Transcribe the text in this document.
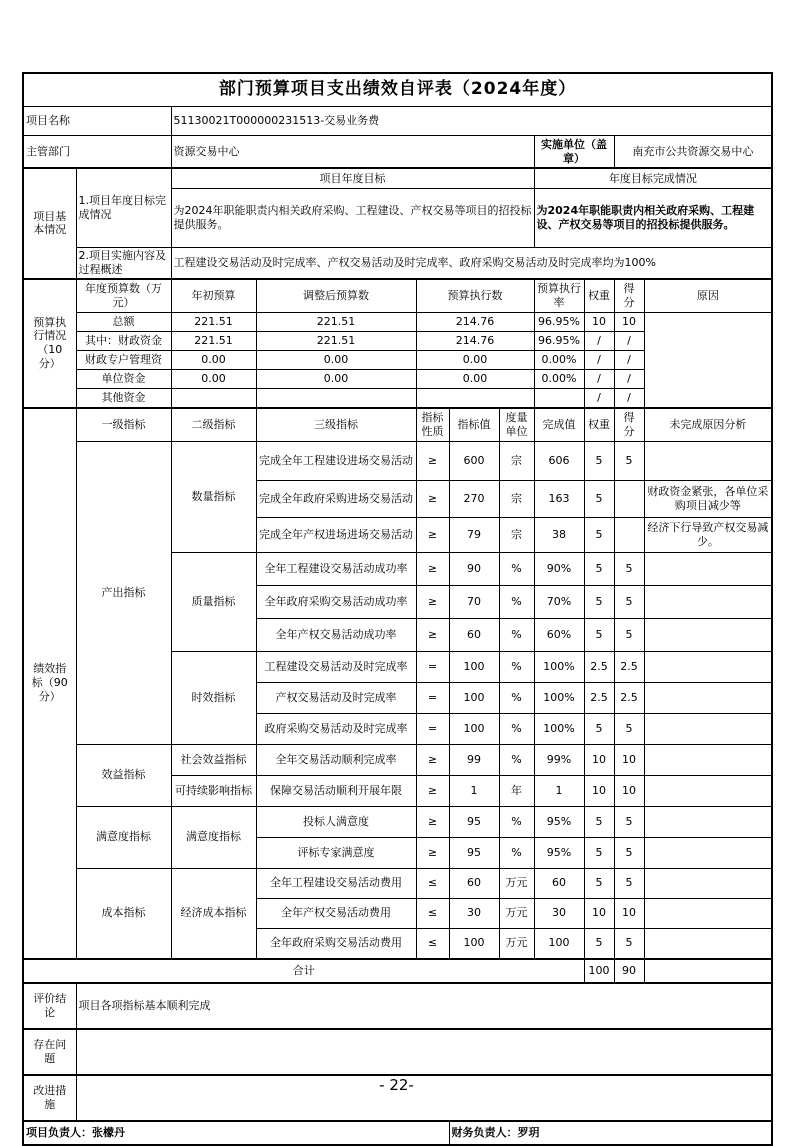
部门预算项目支出绩效自评表（2024年度）										
项目名称		51130021T000000231513-交易业务费								
主管部门		资源交易中心					实施单位（盖章）		南充市公共资源交易中心	
项目基本情况	1.项目年度目标完成情况	项目年度目标					年度目标完成情况			
		为2024年职能职责内相关政府采购、工程建设、产权交易等项目的招投标提供服务。					为2024年职能职责内相关政府采购、工程建设、产权交易等项目的招投标提供服务。			
	2.项目实施内容及过程概述	工程建设交易活动及时完成率、产权交易活动及时完成率、政府采购交易活动及时完成率均为100%								
预算执行情况（10分）	年度预算数（万元）	年初预算	调整后预算数	预算执行数			预算执行率	权重	得分	原因
	总额	221.51	221.51	214.76			96.95%	10	10	
	其中：财政资金	221.51	221.51	214.76			96.95%	/	/	
	财政专户管理资	0.00	0.00	0.00			0.00%	/	/	
	单位资金	0.00	0.00	0.00			0.00%	/	/	
	其他资金							/	/	
绩效指标（90分）	一级指标	二级指标	三级指标	指标性质	指标值	度量单位	完成值	权重	得分	未完成原因分析
	产出指标	数量指标	完成全年工程建设进场交易活动	≥	600	宗	606	5	5	
			完成全年政府采购进场交易活动	≥	270	宗	163	5		财政资金紧张，各单位采购项目减少等
			完成全年产权进场进场交易活动	≥	79	宗	38	5		经济下行导致产权交易减少。
		质量指标	全年工程建设交易活动成功率	≥	90	%	90%	5	5	
			全年政府采购交易活动成功率	≥	70	%	70%	5	5	
			全年产权交易活动成功率	≥	60	%	60%	5	5	
		时效指标	工程建设交易活动及时完成率	=	100	%	100%	2.5	2.5	
			产权交易活动及时完成率	=	100	%	100%	2.5	2.5	
			政府采购交易活动及时完成率	=	100	%	100%	5	5	
	效益指标	社会效益指标	全年交易活动顺利完成率	≥	99	%	99%	10	10	
		可持续影响指标	保障交易活动顺利开展年限	≥	1	年	1	10	10	
	满意度指标	满意度指标	投标人满意度	≥	95	%	95%	5	5	
			评标专家满意度	≥	95	%	95%	5	5	
	成本指标	经济成本指标	全年工程建设交易活动费用	≤	60	万元	60	5	5	
			全年产权交易活动费用	≤	30	万元	30	10	10	
			全年政府采购交易活动费用	≤	100	万元	100	5	5	
合计								100	90	
评价结论	项目各项指标基本顺利完成									
存在问题										
改进措施										
项目负责人：张檬丹					财务负责人：罗玥					
- 22-
